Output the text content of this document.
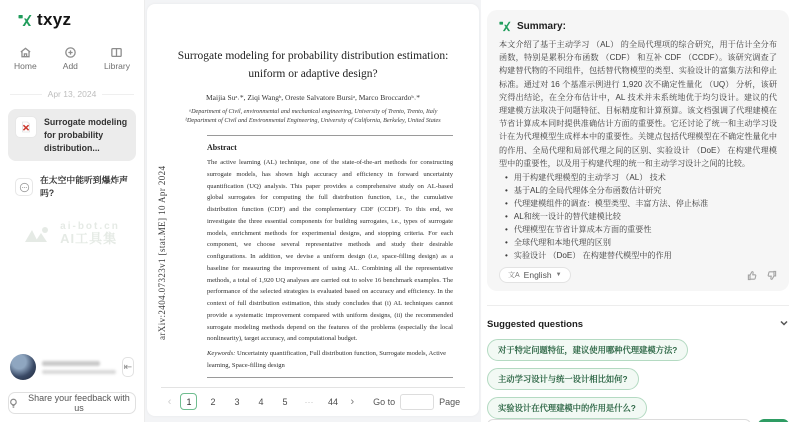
txyz
Home	Add	Library
Apr 13, 2024
Surrogate modeling for probability distribution...
在太空中能听到爆炸声吗?
ai-bot.cn
AI工具集
⇤
Share your feedback with us
arXiv:2404.07323v1 [stat.ME] 10 Apr 2024
Surrogate modeling for probability distribution estimation: uniform or adaptive design?
Maijia Suᵃ˒*, Ziqi Wangᵇ, Oreste Salvatore Bursiᵃ, Marco Broccardoᵇ˒*
ᵃDepartment of Civil, environmental and mechanical engineering, University of Trento, Trento, Italy
ᵇDepartment of Civil and Environmental Engineering, University of California, Berkeley, United States
Abstract
The active learning (AL) technique, one of the state-of-the-art methods for constructing surrogate models, has shown high accuracy and efficiency in forward uncertainty quantification (UQ) analysis. This paper provides a comprehensive study on AL-based global surrogates for computing the full distribution function, i.e., the cumulative distribution function (CDF) and the complementary CDF (CCDF). To this end, we investigate the three essential components for building surrogates, i.e., types of surrogate models, enrichment methods for experimental designs, and stopping criteria. For each component, we choose several representative methods and study their desirable configurations. In addition, we devise a uniform design (i.e, space-filling design) as a baseline for measuring the improvement of using AL. Combining all the representative methods, a total of 1,920 UQ analyses are carried out to solve 16 benchmark examples. The performance of the selected strategies is evaluated based on accuracy and efficiency. In the context of full distribution estimation, this study concludes that (i) AL techniques cannot provide a systematic improvement compared with uniform designs, (ii) the recommended surrogate modeling methods depend on the features of the problems (especially the local nonlinearity), target accuracy, and computational budget.
Keywords: Uncertainty quantification, Full distribution function, Surrogate models, Active learning, Space-filling design
‹	1	2	3	4	5	···	44	› Go to	Page
Summary:
本文介绍了基于主动学习 （AL） 的全局代理项的综合研究，用于估计全分布函数，特别是累积分布函数 （CDF） 和互补 CDF （CCDF）。该研究调查了构建替代物的不同组件，包括替代物模型的类型、实验设计的富集方法和停止标准。通过对 16 个基准示例进行 1,920 次不确定性量化 （UQ） 分析，该研究得出结论，在全分布估计中，AL 技术并未系统地优于均匀设计。建议的代理建模方法取决于问题特征、目标精度和计算预算。该文档强调了代理建模在节省计算成本同时提供准确估计方面的重要性。它还讨论了统一和主动学习设计在为代理模型生成样本中的重要性。关键点包括代理模型在不确定性量化中的作用、全局代理和局部代理之间的区别、实验设计 （DoE） 在构建代理模型中的重要性，以及用于构建代理的统一和主动学习设计之间的比较。
• 用于构建代理模型的主动学习 （AL） 技术
• 基于AL的全局代理体全分布函数估计研究
• 代理建模组件的调查：模型类型、丰富方法、停止标准
• AL和统一设计的替代建模比较
• 代理模型在节省计算成本方面的重要性
• 全球代理和本地代理的区别
• 实验设计 （DoE） 在构建替代模型中的作用
文A English ▼
Suggested questions
对于特定问题特征，建议使用哪种代理建模方法?
主动学习设计与统一设计相比如何?
实验设计在代理建模中的作用是什么?
Ask anything here
